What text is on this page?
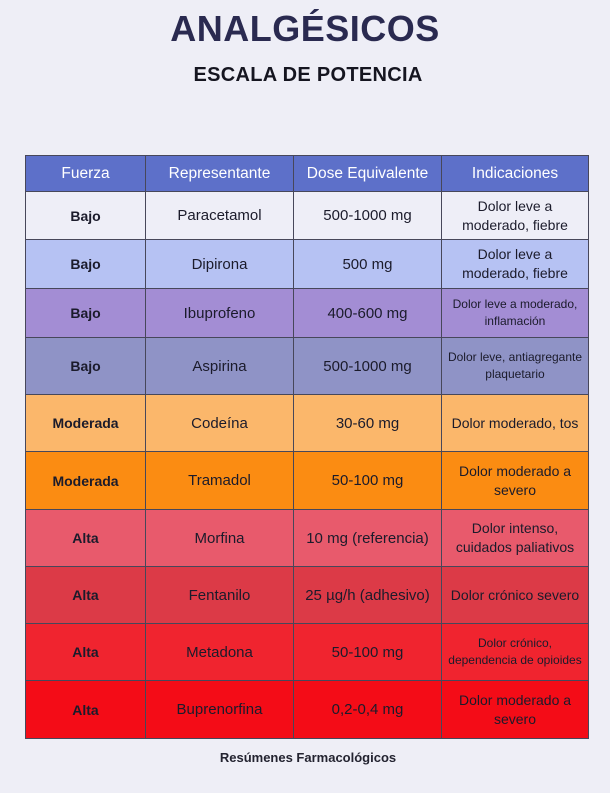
ANALGÉSICOS
ESCALA DE POTENCIA
Fuerza	Representante	Dose Equivalente	Indicaciones
Bajo	Paracetamol	500-1000 mg	Dolor leve a moderado, fiebre
Bajo	Dipirona	500 mg	Dolor leve a moderado, fiebre
Bajo	Ibuprofeno	400-600 mg	Dolor leve a moderado, inflamación
Bajo	Aspirina	500-1000 mg	Dolor leve, antiagregante plaquetario
Moderada	Codeína	30-60 mg	Dolor moderado, tos
Moderada	Tramadol	50-100 mg	Dolor moderado a severo
Alta	Morfina	10 mg (referencia)	Dolor intenso, cuidados paliativos
Alta	Fentanilo	25 µg/h (adhesivo)	Dolor crónico severo
Alta	Metadona	50-100 mg	Dolor crónico, dependencia de opioides
Alta	Buprenorfina	0,2-0,4 mg	Dolor moderado a severo
Resúmenes Farmacológicos
